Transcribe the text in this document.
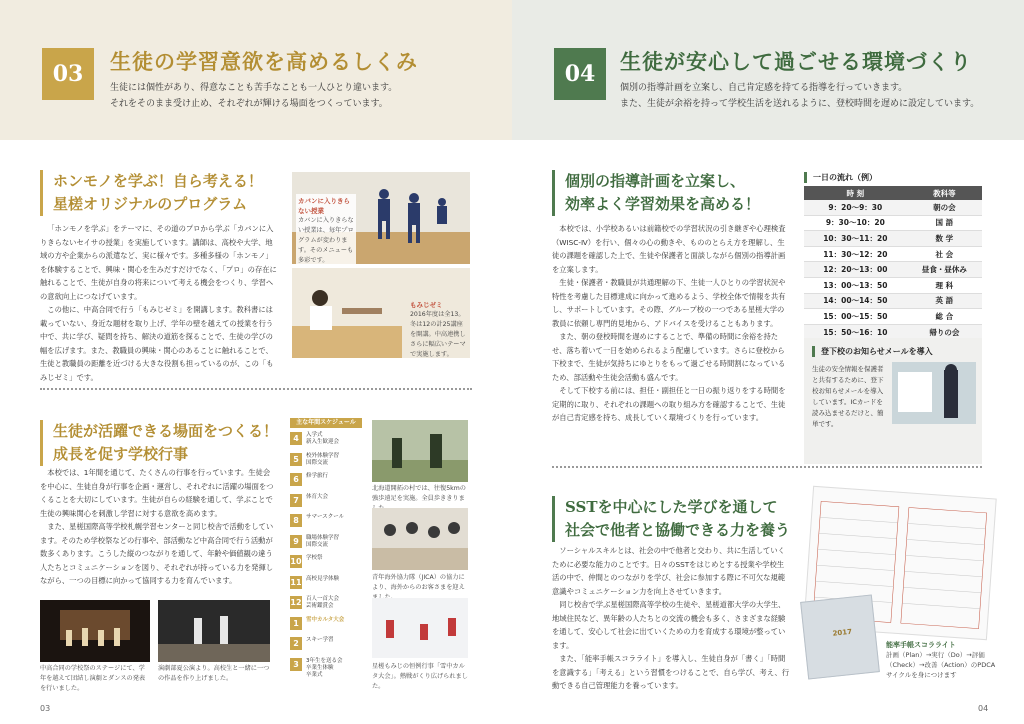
03	生徒の学習意欲を高めるしくみ
生徒には個性があり、得意なことも苦手なことも一人ひとり違います。
それをそのまま受け止め、それぞれが輝ける場面をつくっています。
ホンモノを学ぶ！自ら考える！
星槎オリジナルのプログラム

「ホンモノを学ぶ」をテーマに、その道のプロから学ぶ「カバンに入りきらないセイサの授業」を実施しています。講師は、高校や大学、地域の方や企業からの派遣など、実に様々です。多種多様の「ホンモノ」を体験することで、興味・関心を生みだすだけでなく、「プロ」の存在に触れることで、生徒が自身の将来について考える機会をつくり、学習への意欲向上につなげています。

この他に、中高合同で行う「もみじゼミ」を開講します。教科書には載っていない、身近な題材を取り上げ、学年の壁を越えての授業を行う中で、共に学び、疑問を持ち、解決の道筋を探ることで、生徒の学びの幅を広げます。また、教職員の興味・関心のあることに触れることで、生徒と教職員の距離を近づける大きな役割も担っているのが、この「もみじゼミ」です。

カバンに入りきらない授業
カバンに入りきらない授業は、毎年プログラムが変わります。そのメニューも多彩です。
もみじゼミ
2016年度は全13。冬は12の計25講座を開講。中高連携しさらに幅広いテーマで実施します。
生徒が活躍できる場面をつくる！
成長を促す学校行事

本校では、1年間を通じて、たくさんの行事を行っています。生徒会を中心に、生徒自身が行事を企画・運営し、それぞれに活躍の場面をつくることを大切にしています。生徒が自らの経験を通して、学ぶことで生徒の興味関心を刺激し学習に対する意欲を高めます。

また、星槎国際高等学校札幌学習センターと同じ校舎で活動をしています。そのため学校祭などの行事や、部活動など中高合同で行う活動が数多くあります。こうした縦のつながりを通して、年齢や価値観の違う人たちとコミュニケーションを図り、それぞれが持っている力を発揮しながら、一つの目標に向かって協同する力を育んでいます。

主な年間スケジュール
4	入学式
新入生歓迎会
5	校外体験学習
国際交流
6	修学旅行
7	体育大会
8	サマースクール
9	職場体験学習
国際交流
10 学校祭
11 高校見学体験
12 百人一首大会
芸術鑑賞会
1	雪中カルタ大会
2	スキー学習
3	3年生を送る会
卒業生体験
卒業式
北海道開拓の村では、往復5kmの強歩遠足を実施。全員歩ききりま
青年海外協力隊（JICA）の協力により、海外からのお客さまを迎え
星槎もみじの恒例行事「雪中カルタ大会」。熱戦がくり広げられました。
中高合同の学校祭のステージにて、学年を越えて団結し演劇とダンスの発表を行いました。
演劇部夏公演より。高校生と一緒に一つの作品を作り上げました。
03
04	生徒が安心して過ごせる環境づくり
個別の指導計画を立案し、自己肯定感を持てる指導を行っていきます。
また、生徒が余裕を持って学校生活を送れるように、登校時間を遅めに設定しています。
個別の指導計画を立案し、
効率よく学習効果を高める！

本校では、小学校あるいは前籍校での学習状況の引き継ぎや心理検査（WISC-Ⅳ）を行い、個々の心の動きや、もののとらえ方を理解し、生徒の課題を確認した上で、生徒や保護者と面談しながら個別の指導計画を立案します。

生徒・保護者・教職員が共通理解の下、生徒一人ひとりの学習状況や特性を考慮した目標達成に向かって進めるよう、学校全体で情報を共有し、サポートしています。その際、グループ校の一つである星槎大学の教員に依頼し専門的見地から、アドバイスを受けることもあります。

また、朝の登校時間を遅めにすることで、準備の時間に余裕を持たせ、落ち着いて一日を始められるよう配慮しています。さらに登校から下校まで、生徒が気持ちにゆとりをもって過ごせる時間割になっているため、部活動や生徒会活動も盛んです。

そして下校する前には、担任・副担任と一日の振り返りをする時間を定期的に取り、それぞれの課題への取り組み方を確認することで、生徒が自己肯定感を持ち、成長していく環境づくりを行っています。

一日の流れ（例）
時 刻	教科等
9：20〜9：30	朝の会
9：30〜10：20	国 語
10：30〜11：20	数 学
11：30〜12：20	社 会
12：20〜13：00	昼食・昼休み
13：00〜13：50	理 科
14：00〜14：50	英 語
15：00〜15：50	総 合
15：50〜16：10	帰りの会
登下校のお知らせメールを導入
生徒の安全情報を保護者と共有するために、登下校お知らせメールを導入しています。ICカードを読み込ませるだけと、簡単です。
SSTを中心にした学びを通して
社会で他者と協働できる力を養う

ソーシャルスキルとは、社会の中で他者と交わり、共に生活していくために必要な能力のことです。日々のSSTをはじめとする授業や学校生活の中で、仲間とのつながりを学び、社会に参加する際に不可欠な規範意識やコミュニケーション力を向上させていきます。

同じ校舎で学ぶ星槎国際高等学校の生徒や、星槎道都大学の大学生、地域住民など、異年齢の人たちとの交流の機会も多く、さまざまな経験を通して、安心して社会に出ていくための力を育成する環境が整っています。

また、「能率手帳スコラライト」を導入し、生徒自身が「書く」「時間を意識する」「考える」という習慣をつけることで、自ら学び、考え、行動できる自己管理能力を養っています。

2017
能率手帳スコラライト
計画（Plan）→実行（Do）→評価（Check）→改善（Action）のPDCAサイクルを身につけます
04
